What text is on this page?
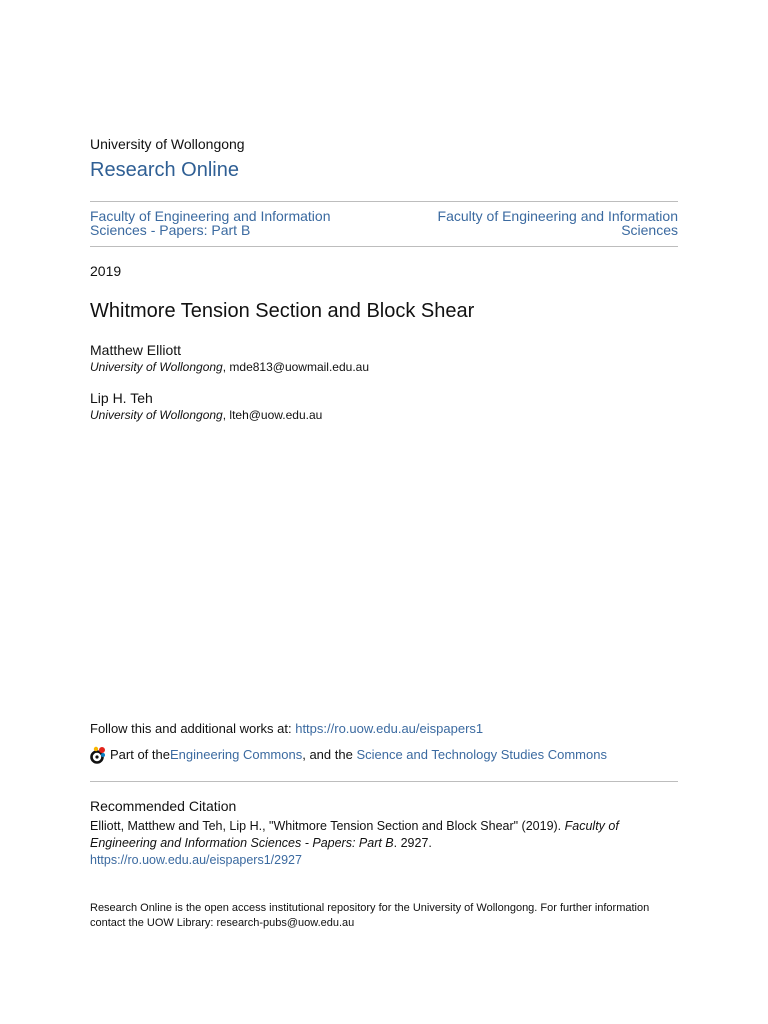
University of Wollongong
Research Online
Faculty of Engineering and Information Sciences - Papers: Part B
Faculty of Engineering and Information Sciences
2019
Whitmore Tension Section and Block Shear
Matthew Elliott
University of Wollongong, mde813@uowmail.edu.au
Lip H. Teh
University of Wollongong, lteh@uow.edu.au
Follow this and additional works at: https://ro.uow.edu.au/eispapers1
Part of the Engineering Commons , and the Science and Technology Studies Commons
Recommended Citation
Elliott, Matthew and Teh, Lip H., "Whitmore Tension Section and Block Shear" (2019). Faculty of Engineering and Information Sciences - Papers: Part B. 2927.
https://ro.uow.edu.au/eispapers1/2927
Research Online is the open access institutional repository for the University of Wollongong. For further information contact the UOW Library: research-pubs@uow.edu.au
